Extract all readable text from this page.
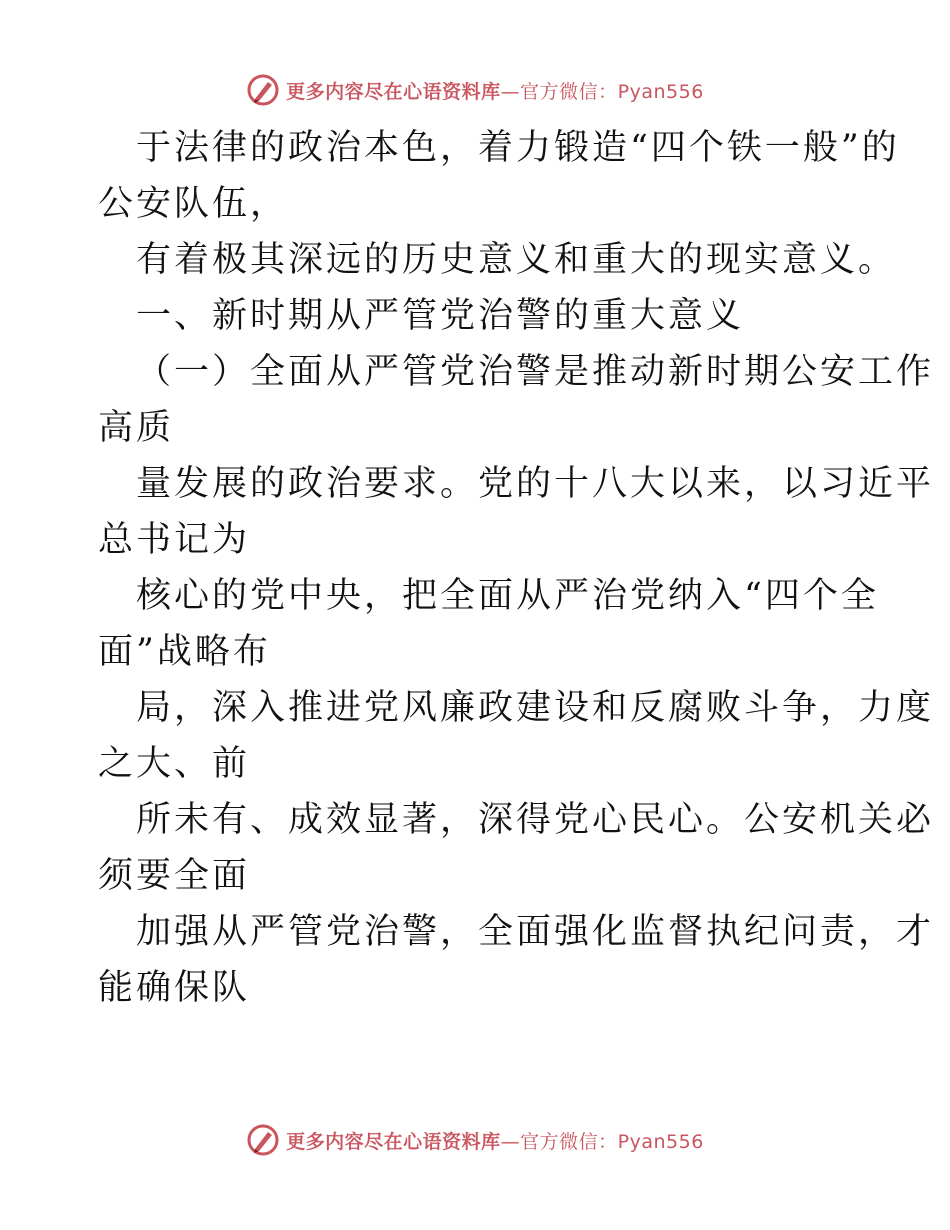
更多内容尽在心语资料库—官方微信：Pyan556

于法律的政治本色，着力锻造“四个铁一般”的

公安队伍，

有着极其深远的历史意义和重大的现实意义。

一、新时期从严管党治警的重大意义

（一）全面从严管党治警是推动新时期公安工作

高质

量发展的政治要求。党的十八大以来，以习近平

总书记为

核心的党中央，把全面从严治党纳入“四个全

面”战略布

局，深入推进党风廉政建设和反腐败斗争，力度

之大、前

所未有、成效显著，深得党心民心。公安机关必

须要全面

加强从严管党治警，全面强化监督执纪问责，才

能确保队

更多内容尽在心语资料库—官方微信：Pyan556
